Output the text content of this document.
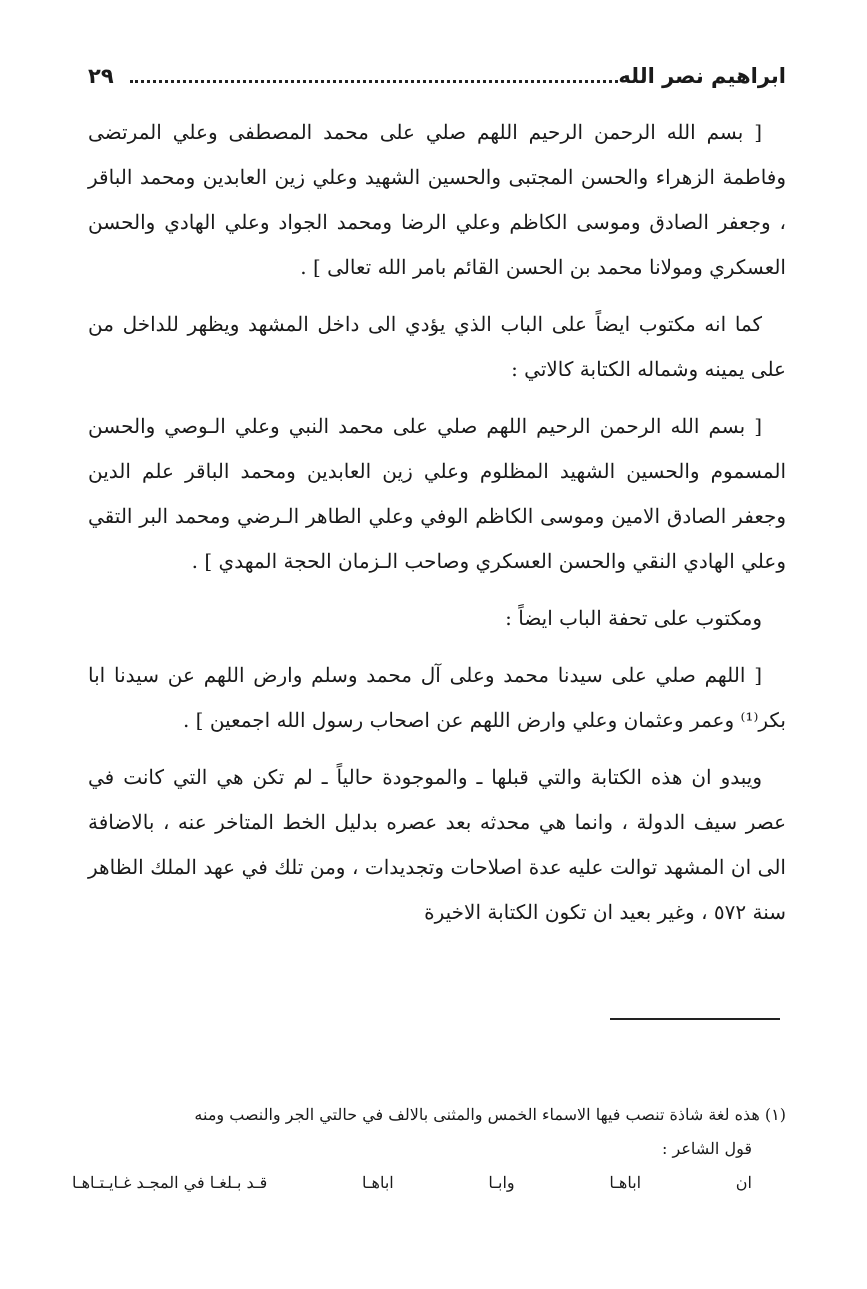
ابراهيم نصر الله
٢٩

[ بسم الله الرحمن الرحيم اللهم صلي على محمد المصطفى وعلي المرتضى وفاطمة الزهراء والحسن المجتبى والحسين الشهيد وعلي زين العابدين ومحمد الباقر ، وجعفر الصادق وموسى الكاظم وعلي الرضا ومحمد الجواد وعلي الهادي والحسن العسكري ومولانا محمد بن الحسن القائم بامر الله تعالى ] .

كما انه مكتوب ايضاً على الباب الذي يؤدي الى داخل المشهد ويظهر للداخل من على يمينه وشماله الكتابة كالاتي :

[ بسم الله الرحمن الرحيم اللهم صلي على محمد النبي وعلي الـوصي والحسن المسموم والحسين الشهيد المظلوم وعلي زين العابدين ومحمد الباقر علم الدين وجعفر الصادق الامين وموسى الكاظم الوفي وعلي الطاهر الـرضي ومحمد البر التقي وعلي الهادي النقي والحسن العسكري وصاحب الـزمان الحجة المهدي ] .

ومكتوب على تحفة الباب ايضاً :

[ اللهم صلي على سيدنا محمد وعلى آل محمد وسلم وارض اللهم عن سيدنا ابا بكر⁽¹⁾ وعمر وعثمان وعلي وارض اللهم عن اصحاب رسول الله اجمعين ] .

ويبدو ان هذه الكتابة والتي قبلها ـ والموجودة حالياً ـ لم تكن هي التي كانت في عصر سيف الدولة ، وانما هي محدثه بعد عصره بدليل الخط المتاخر عنه ، بالاضافة الى ان المشهد توالت عليه عدة اصلاحات وتجديدات ، ومن تلك في عهد الملك الظاهر سنة ٥٧٢ ، وغير بعيد ان تكون الكتابة الاخيرة

(١) هذه لغة شاذة تنصب فيها الاسماء الخمس والمثنى بالالف في حالتي الجر والنصب ومنه

قول الشاعر :

ان
اباهـا
وابـا
اباهـا
قـد بـلغـا في المجـد غـايـتـاهـا
